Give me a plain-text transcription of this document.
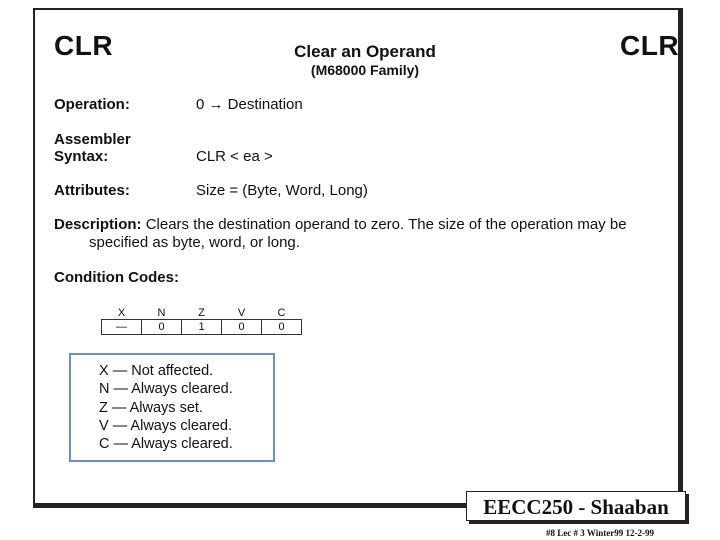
CLR	CLR
Clear an Operand
(M68000 Family)
Operation:	0 → Destination
Assembler
Syntax:	CLR < ea >
Attributes:	Size = (Byte, Word, Long)
Description: Clears the destination operand to zero. The size of the operation may be
specified as byte, word, or long.
Condition Codes:
X	N	Z	V	C
—	0	1	0	0
X — Not affected.
N — Always cleared.
Z — Always set.
V — Always cleared.
C — Always cleared.
EECC250 - Shaaban
#8 Lec # 3 Winter99 12-2-99
